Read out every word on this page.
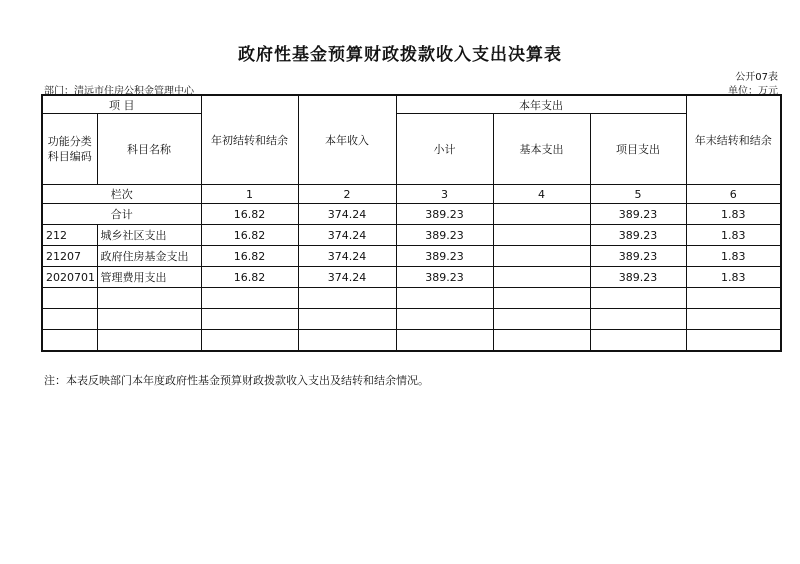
政府性基金预算财政拨款收入支出决算表
公开07表
部门：清远市住房公积金管理中心	单位：万元
项 目		年初结转和结余	本年收入	本年支出			年末结转和结余
功能分类科目编码	科目名称			小计	基本支出	项目支出	
栏次		1	2	3	4	5	6
合计		16.82	374.24	389.23		389.23	1.83
212	城乡社区支出	16.82	374.24	389.23		389.23	1.83
21207	政府住房基金支出	16.82	374.24	389.23		389.23	1.83
2020701	管理费用支出	16.82	374.24	389.23		389.23	1.83

注：本表反映部门本年度政府性基金预算财政拨款收入支出及结转和结余情况。
